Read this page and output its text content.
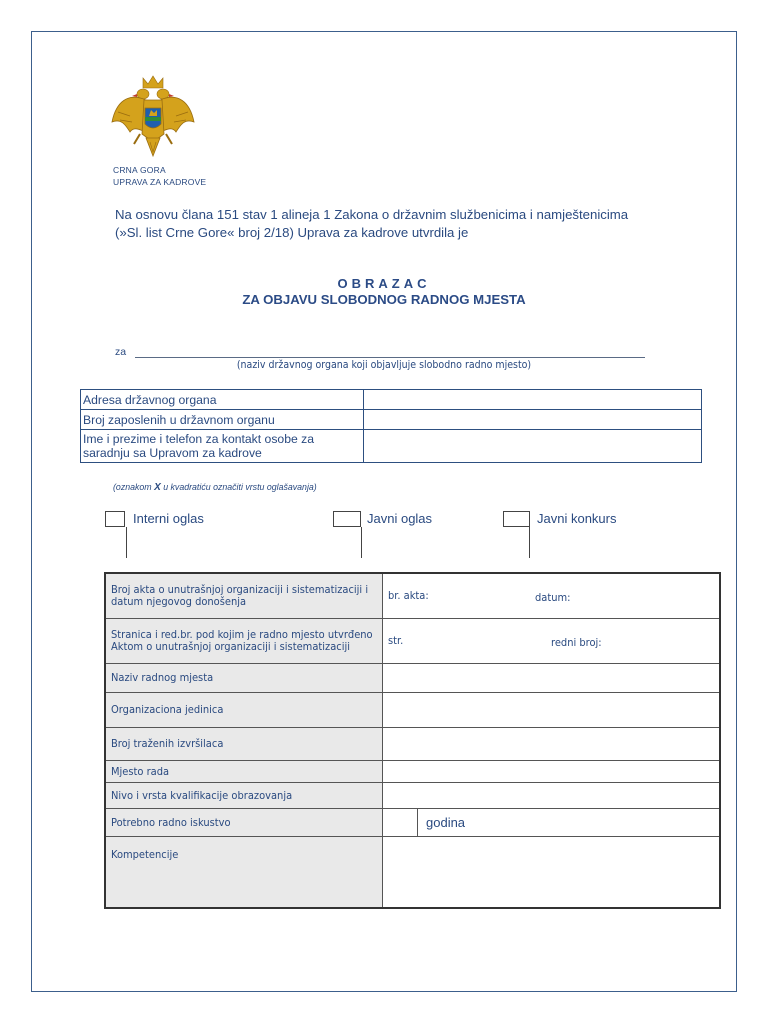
CRNA GORA
UPRAVA ZA KADROVE
Na osnovu člana 151 stav 1 alineja 1 Zakona o državnim službenicima i namještenicima
(»Sl. list Crne Gore« broj 2/18) Uprava za kadrove utvrdila je
OBRAZAC
ZA OBJAVU SLOBODNOG RADNOG MJESTA
za
(naziv državnog organa koji objavljuje slobodno radno mjesto)
Adresa državnog organa	
Broj zaposlenih u državnom organu	
Ime i prezime i telefon za kontakt osobe za saradnju sa Upravom za kadrove	
(oznakom X u kvadratiću označiti vrstu oglašavanja)
Interni oglas	Javni oglas	Javni konkurs
Broj akta o unutrašnjoj organizaciji i sistematizaciji i datum njegovog donošenja	br. akta: datum:

Stranica i red.br. pod kojim je radno mjesto utvrđeno Aktom o unutrašnjoj organizaciji i sistematizaciji	str. redni broj:

Naziv radnog mjesta	
Organizaciona jedinica	
Broj traženih izvršilaca	
Mjesto rada	
Nivo i vrsta kvalifikacije obrazovanja	
Potrebno radno iskustvo	godina

Kompetencije	
